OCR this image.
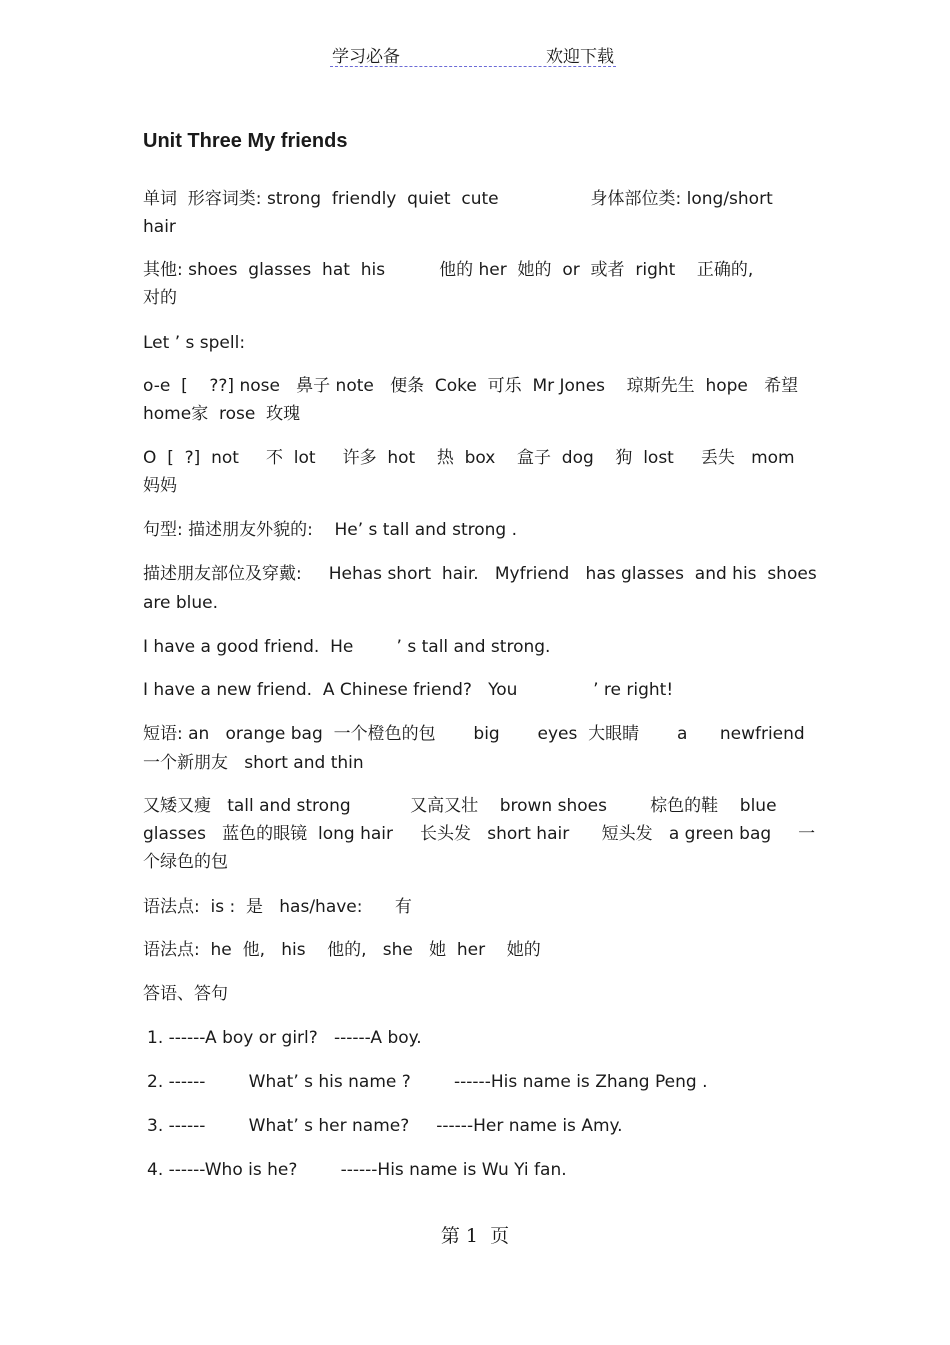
学习必备	欢迎下载
Unit Three My friends
单词  形容词类: strong  friendly  quiet  cute                 身体部位类: long/short
hair
其他: shoes  glasses  hat  his          他的 her  她的  or  或者  right    正确的,
对的
Let ’ s spell:
o-e  [    ??] nose   鼻子 note   便条  Coke  可乐  Mr Jones    琼斯先生  hope   希望
home家  rose  玫瑰
O  [  ?]  not     不  lot     许多  hot    热  box    盒子  dog    狗  lost     丢失   mom
妈妈
句型: 描述朋友外貌的:    He’ s tall and strong .
描述朋友部位及穿戴:     Hehas short  hair.   Myfriend   has glasses  and his  shoes
are blue.
I have a good friend.  He        ’ s tall and strong.
I have a new friend.  A Chinese friend?   You              ’ re right!
短语: an   orange bag  一个橙色的包       big       eyes  大眼睛       a      newfriend
一个新朋友   short and thin
又矮又瘦   tall and strong           又高又壮    brown shoes        棕色的鞋    blue
glasses   蓝色的眼镜  long hair     长头发   short hair      短头发   a green bag     一
个绿色的包
语法点:  is :  是   has/have:      有
语法点:  he  他,   his    他的,   she   她  her    她的
答语、答句
1. ------A boy or girl?   ------A boy.
2. ------        What’ s his name ?        ------His name is Zhang Peng .
3. ------        What’ s her name?     ------Her name is Amy.
4. ------Who is he?        ------His name is Wu Yi fan.
第 1  页
